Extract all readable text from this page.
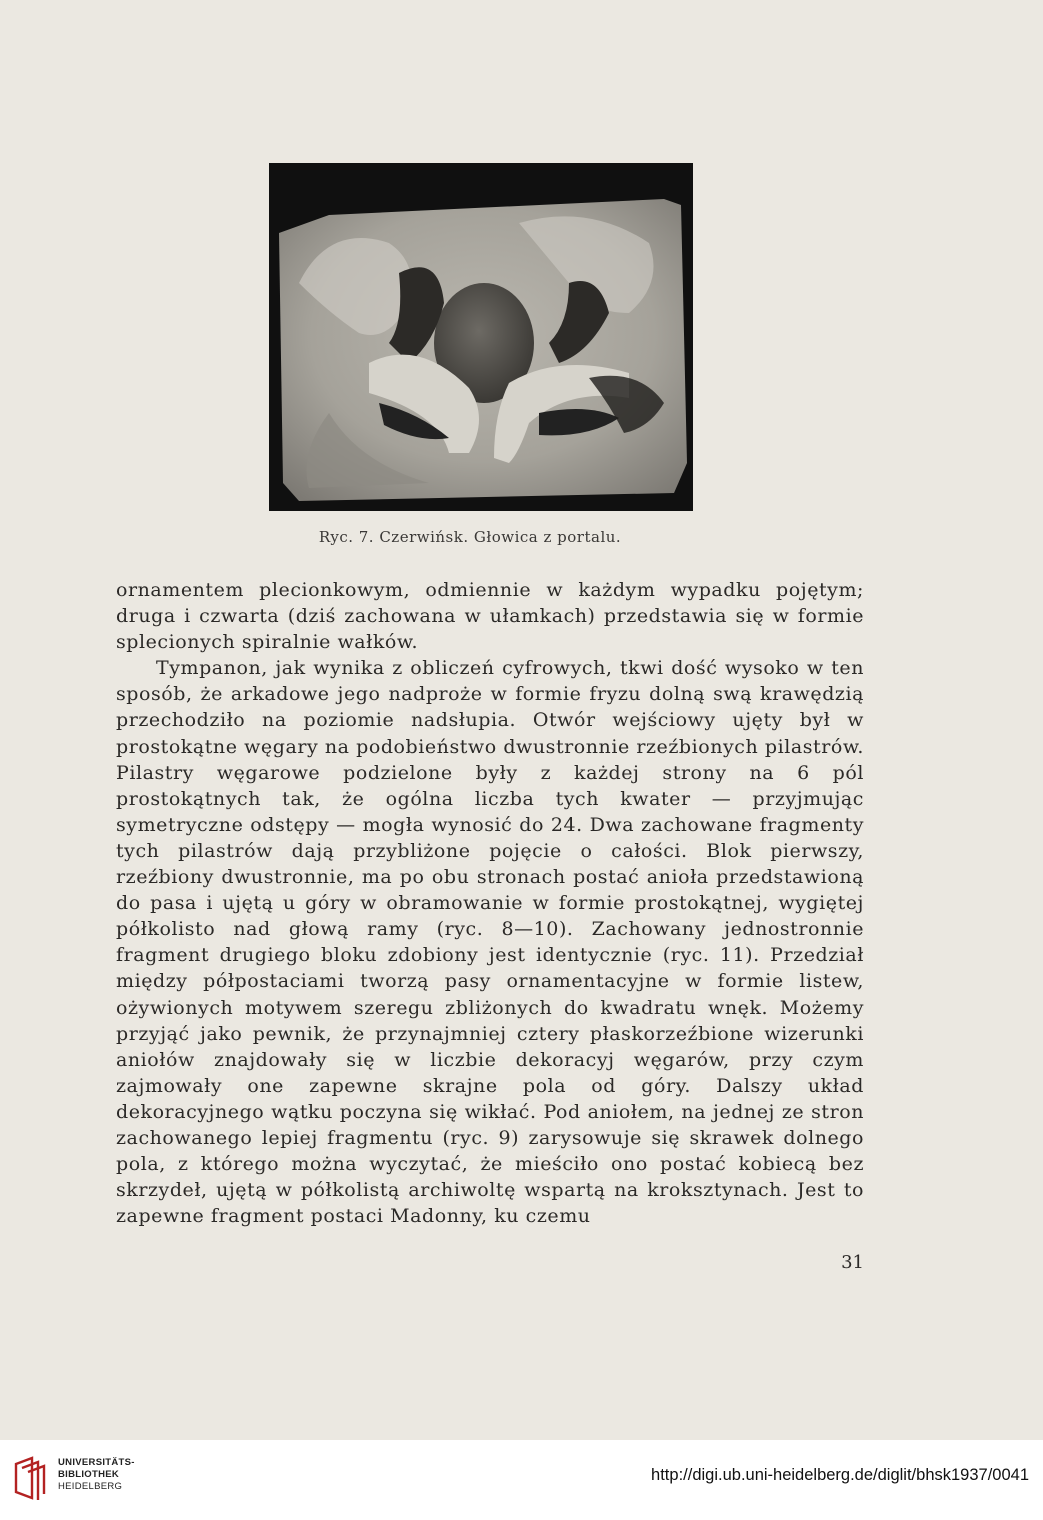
Ryc. 7. Czerwińsk. Głowica z portalu.

ornamentem plecionkowym, odmiennie w każdym wypadku pojętym; druga i czwarta (dziś zachowana w ułamkach) przedstawia się w formie splecionych spiralnie wałków.

Tympanon, jak wynika z obliczeń cyfrowych, tkwi dość wysoko w ten sposób, że arkadowe jego nadproże w formie fryzu dolną swą krawędzią przechodziło na poziomie nadsłupia. Otwór wejściowy ujęty był w prostokątne węgary na podobieństwo dwustronnie rzeźbionych pilastrów. Pilastry węgarowe podzielone były z każdej strony na 6 pól prostokątnych tak, że ogólna liczba tych kwater — przyjmując symetryczne odstępy — mogła wynosić do 24. Dwa zachowane fragmenty tych pilastrów dają przybliżone pojęcie o całości. Blok pierwszy, rzeźbiony dwustronnie, ma po obu stronach postać anioła przedstawioną do pasa i ujętą u góry w obramowanie w formie prostokątnej, wygiętej półkolisto nad głową ramy (ryc. 8—10). Zachowany jednostronnie fragment drugiego bloku zdobiony jest identycznie (ryc. 11). Przedział między półpostaciami tworzą pasy ornamentacyjne w formie listew, ożywionych motywem szeregu zbliżonych do kwadratu wnęk. Możemy przyjąć jako pewnik, że przynajmniej cztery płaskorzeźbione wizerunki aniołów znajdowały się w liczbie dekoracyj węgarów, przy czym zajmowały one zapewne skrajne pola od góry. Dalszy układ dekoracyjnego wątku poczyna się wikłać. Pod aniołem, na jednej ze stron zachowanego lepiej fragmentu (ryc. 9) zarysowuje się skrawek dolnego pola, z którego można wyczytać, że mieściło ono postać kobiecą bez skrzydeł, ujętą w półkolistą archiwoltę wspartą na kroksztynach. Jest to zapewne fragment postaci Madonny, ku czemu

31
UNIVERSITÄTS-
BIBLIOTHEK
HEIDELBERG
http://digi.ub.uni-heidelberg.de/diglit/bhsk1937/0041
